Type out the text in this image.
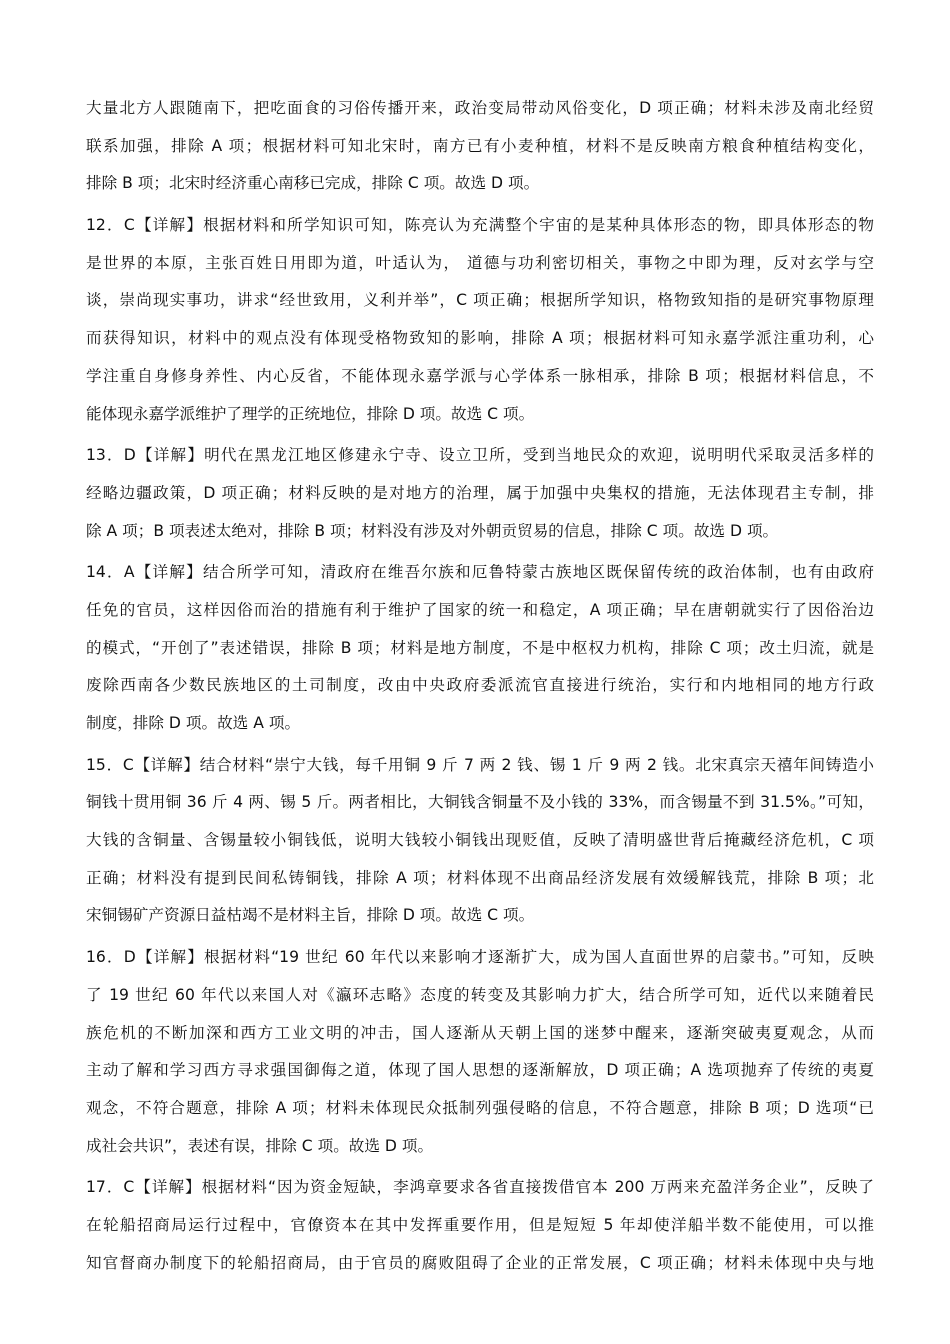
大量北方人跟随南下，把吃面食的习俗传播开来，政治变局带动风俗变化，D 项正确；材料未涉及南北经贸
联系加强，排除 A 项；根据材料可知北宋时，南方已有小麦种植，材料不是反映南方粮食种植结构变化，
排除 B 项；北宋时经济重心南移已完成，排除 C 项。故选 D 项。
12．C【详解】根据材料和所学知识可知，陈亮认为充满整个宇宙的是某种具体形态的物，即具体形态的物
是世界的本原，主张百姓日用即为道，叶适认为， 道德与功利密切相关，事物之中即为理，反对玄学与空
谈，崇尚现实事功，讲求“经世致用，义利并举”，C 项正确；根据所学知识，格物致知指的是研究事物原理
而获得知识，材料中的观点没有体现受格物致知的影响，排除 A 项；根据材料可知永嘉学派注重功利，心
学注重自身修身养性、内心反省，不能体现永嘉学派与心学体系一脉相承，排除 B 项；根据材料信息，不
能体现永嘉学派维护了理学的正统地位，排除 D 项。故选 C 项。
13．D【详解】明代在黑龙江地区修建永宁寺、设立卫所，受到当地民众的欢迎，说明明代采取灵活多样的
经略边疆政策，D 项正确；材料反映的是对地方的治理，属于加强中央集权的措施，无法体现君主专制，排
除 A 项；B 项表述太绝对，排除 B 项；材料没有涉及对外朝贡贸易的信息，排除 C 项。故选 D 项。
14．A【详解】结合所学可知，清政府在维吾尔族和厄鲁特蒙古族地区既保留传统的政治体制，也有由政府
任免的官员，这样因俗而治的措施有利于维护了国家的统一和稳定，A 项正确；早在唐朝就实行了因俗治边
的模式，“开创了”表述错误，排除 B 项；材料是地方制度，不是中枢权力机构，排除 C 项；改土归流，就是
废除西南各少数民族地区的土司制度，改由中央政府委派流官直接进行统治，实行和内地相同的地方行政
制度，排除 D 项。故选 A 项。
15．C【详解】结合材料“崇宁大钱，每千用铜 9 斤 7 两 2 钱、锡 1 斤 9 两 2 钱。北宋真宗天禧年间铸造小
铜钱十贯用铜 36 斤 4 两、锡 5 斤。两者相比，大铜钱含铜量不及小钱的 33%，而含锡量不到 31.5%。”可知，
大钱的含铜量、含锡量较小铜钱低，说明大钱较小铜钱出现贬值，反映了清明盛世背后掩藏经济危机，C 项
正确；材料没有提到民间私铸铜钱，排除 A 项；材料体现不出商品经济发展有效缓解钱荒，排除 B 项；北
宋铜锡矿产资源日益枯竭不是材料主旨，排除 D 项。故选 C 项。
16．D【详解】根据材料“19 世纪 60 年代以来影响才逐渐扩大，成为国人直面世界的启蒙书。”可知，反映
了 19 世纪 60 年代以来国人对《瀛环志略》态度的转变及其影响力扩大，结合所学可知，近代以来随着民
族危机的不断加深和西方工业文明的冲击，国人逐渐从天朝上国的迷梦中醒来，逐渐突破夷夏观念，从而
主动了解和学习西方寻求强国御侮之道，体现了国人思想的逐渐解放，D 项正确；A 选项抛弃了传统的夷夏
观念，不符合题意，排除 A 项；材料未体现民众抵制列强侵略的信息，不符合题意，排除 B 项；D 选项“已
成社会共识”，表述有误，排除 C 项。故选 D 项。
17．C【详解】根据材料“因为资金短缺，李鸿章要求各省直接拨借官本 200 万两来充盈洋务企业”，反映了
在轮船招商局运行过程中，官僚资本在其中发挥重要作用，但是短短 5 年却使洋船半数不能使用，可以推
知官督商办制度下的轮船招商局，由于官员的腐败阻碍了企业的正常发展，C 项正确；材料未体现中央与地
